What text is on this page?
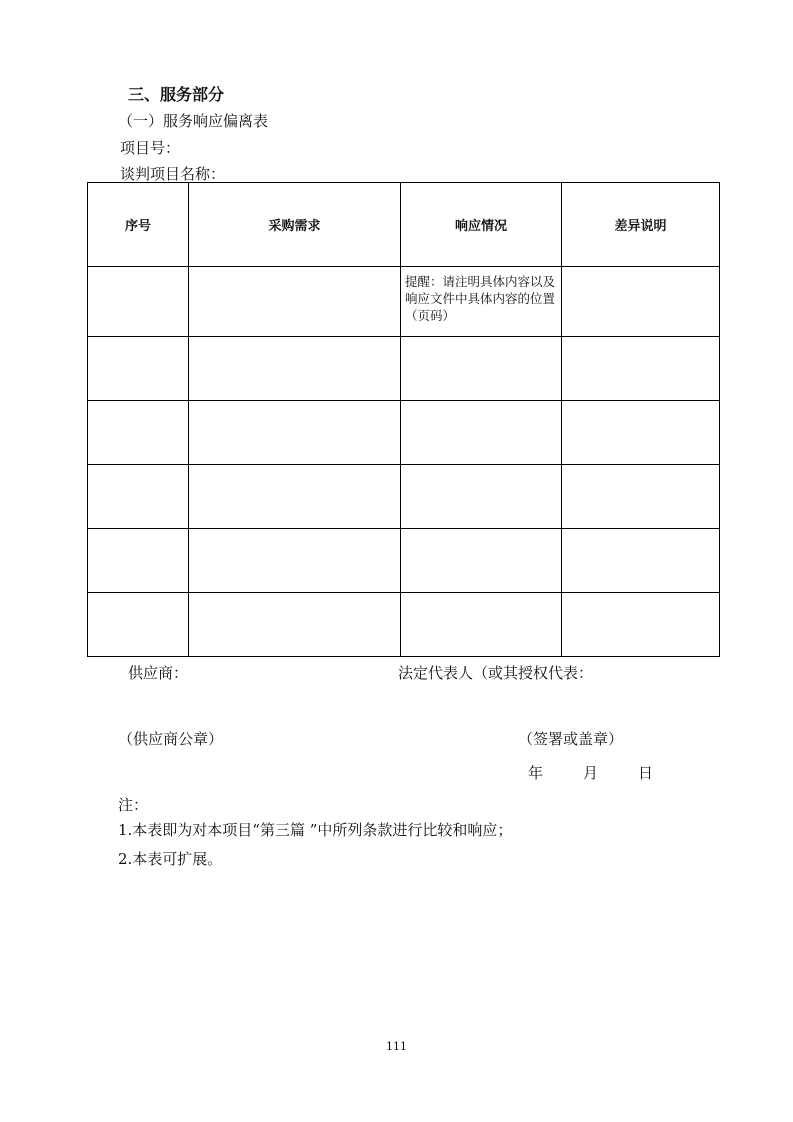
三、服务部分
（一）服务响应偏离表
项目号：
谈判项目名称：
序号	采购需求	响应情况	差异说明
		提醒：请注明具体内容以及响应文件中具体内容的位置（页码）	

供应商：	法定代表人（或其授权代表：
（供应商公章）	（签署或盖章）
年	月	日
注：
1.本表即为对本项目“第三篇 ”中所列条款进行比较和响应；
2.本表可扩展。
111
